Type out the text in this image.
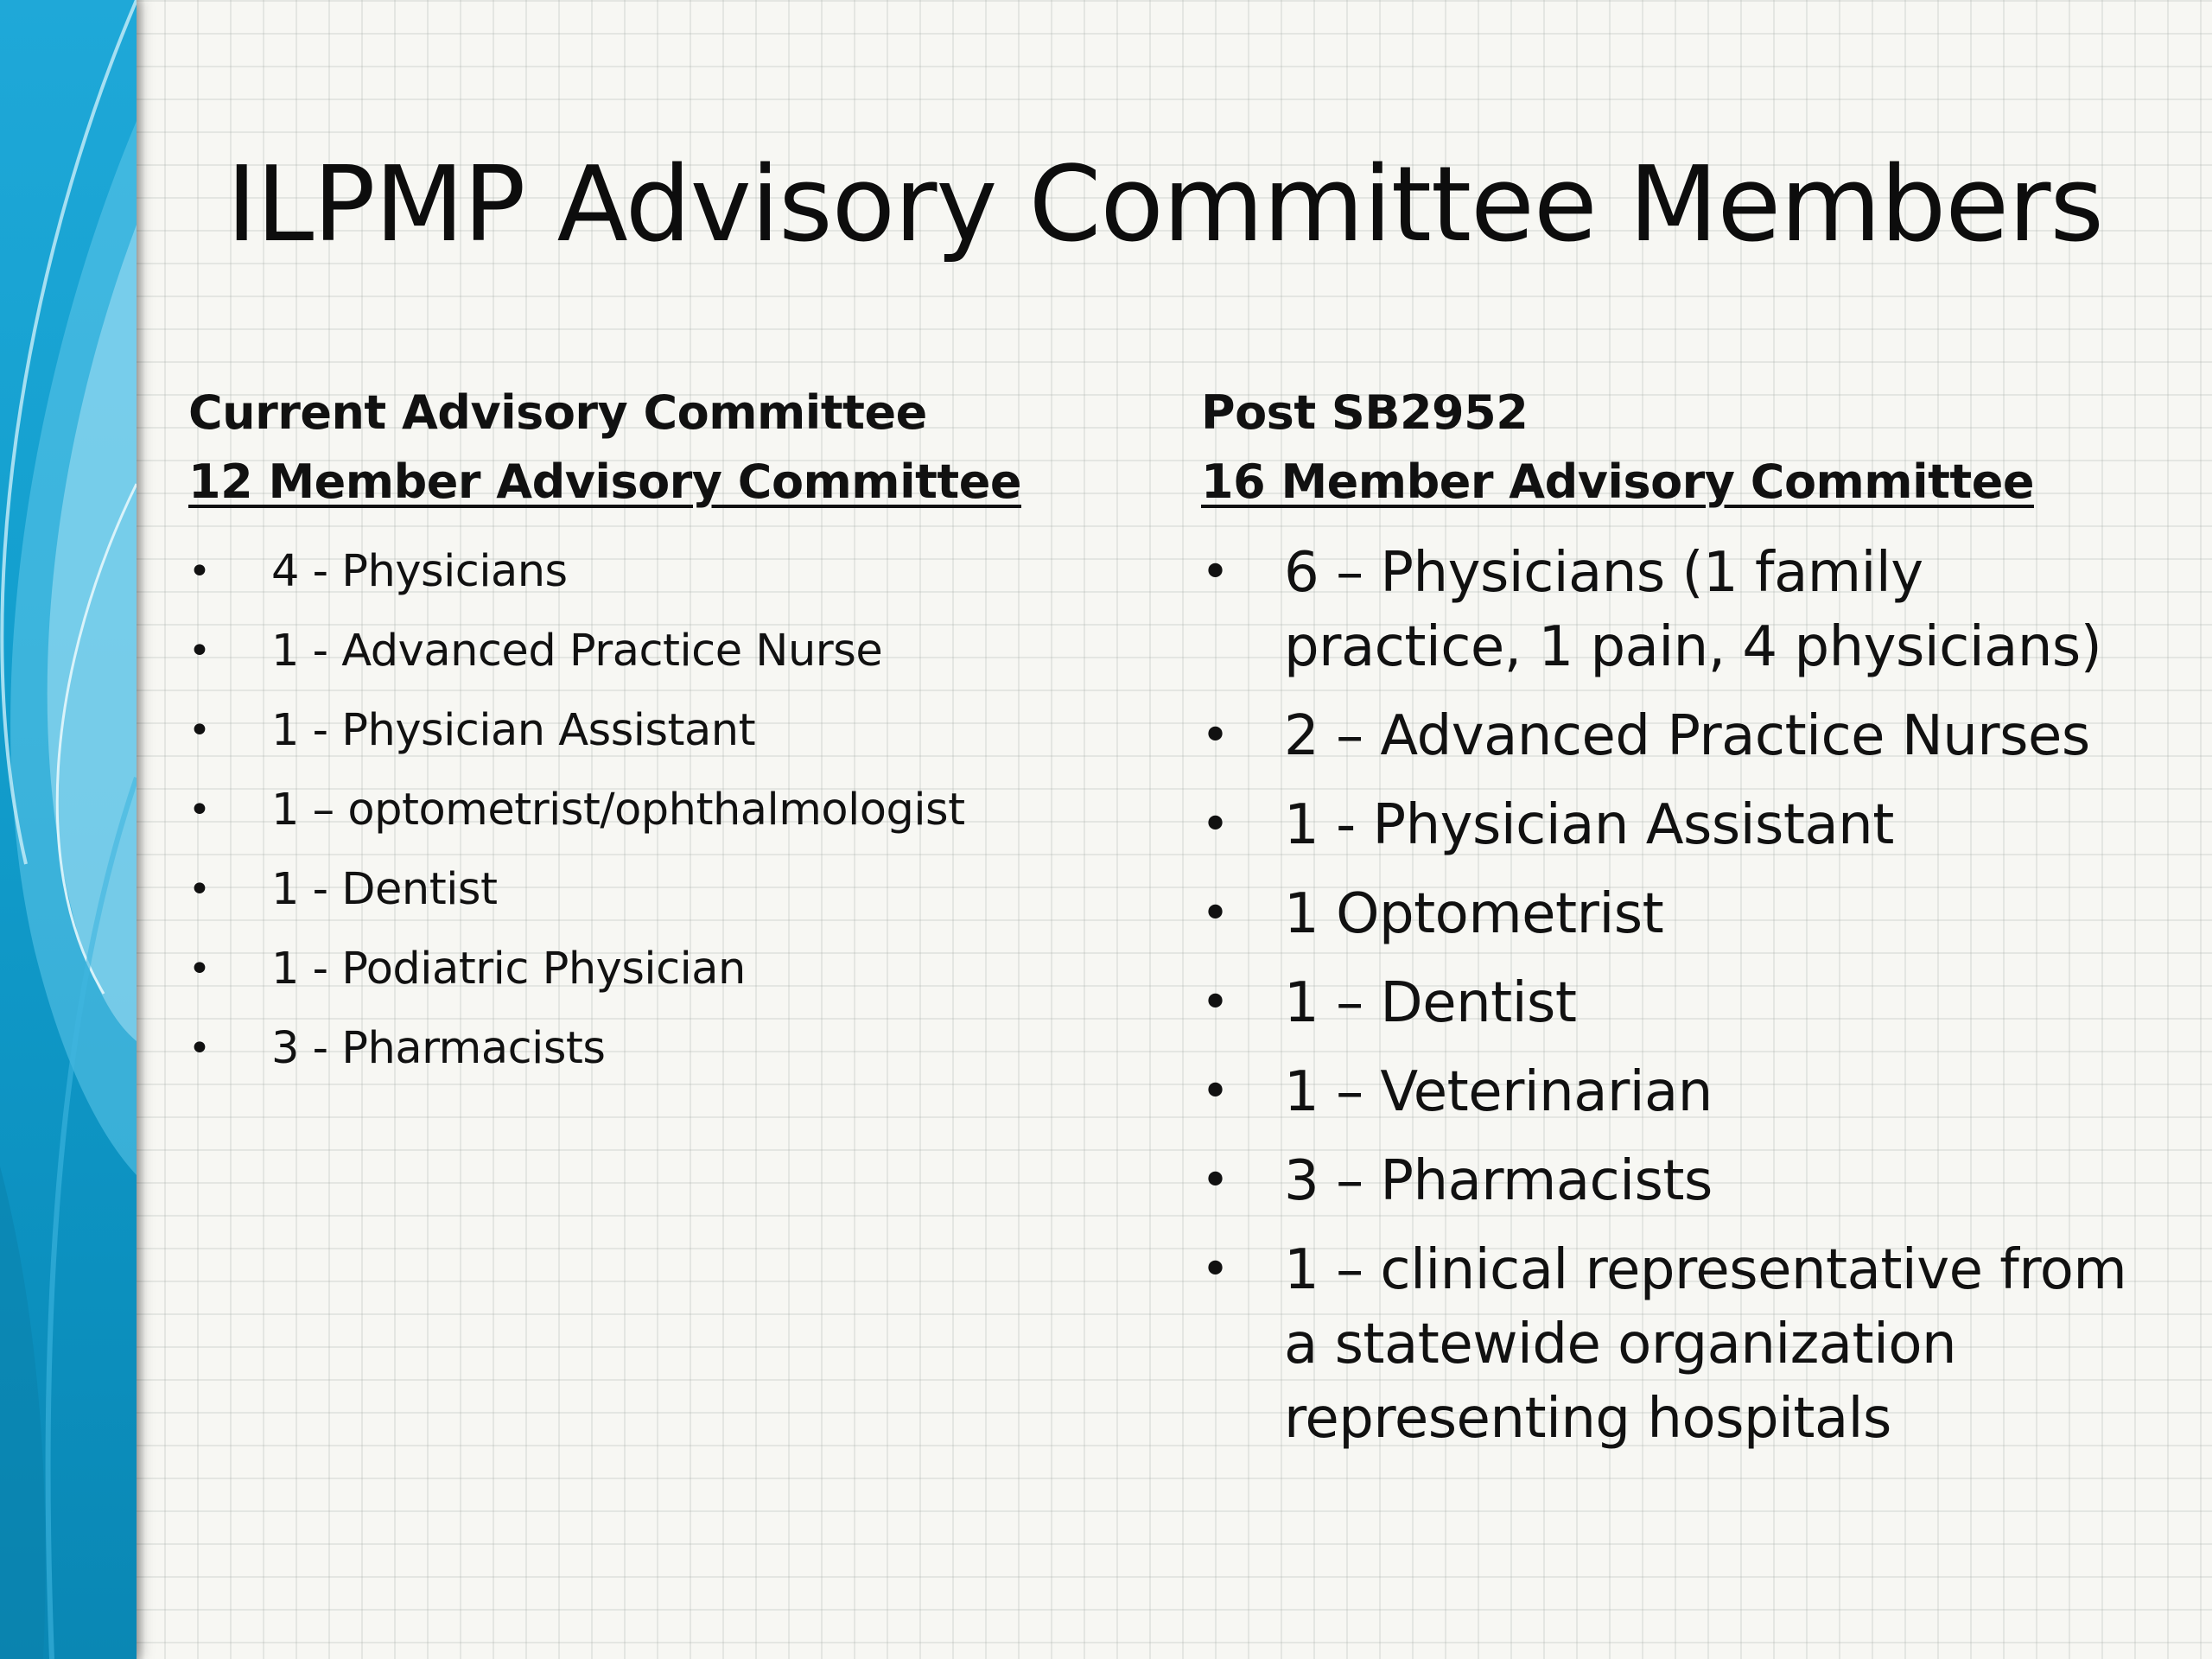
ILPMP Advisory Committee Members

Current Advisory Committee

12 Member Advisory Committee

• 4 - Physicians
• 1 - Advanced Practice Nurse
• 1 - Physician Assistant
• 1 – optometrist/ophthalmologist
• 1 - Dentist
• 1 - Podiatric Physician
• 3 - Pharmacists

Post SB2952

16 Member Advisory Committee

• 6 – Physicians (1 family practice, 1 pain, 4 physicians)
• 2 – Advanced Practice Nurses
• 1 - Physician Assistant
• 1 Optometrist
• 1 – Dentist
• 1 – Veterinarian
• 3 – Pharmacists
• 1 – clinical representative from a statewide organization representing hospitals
